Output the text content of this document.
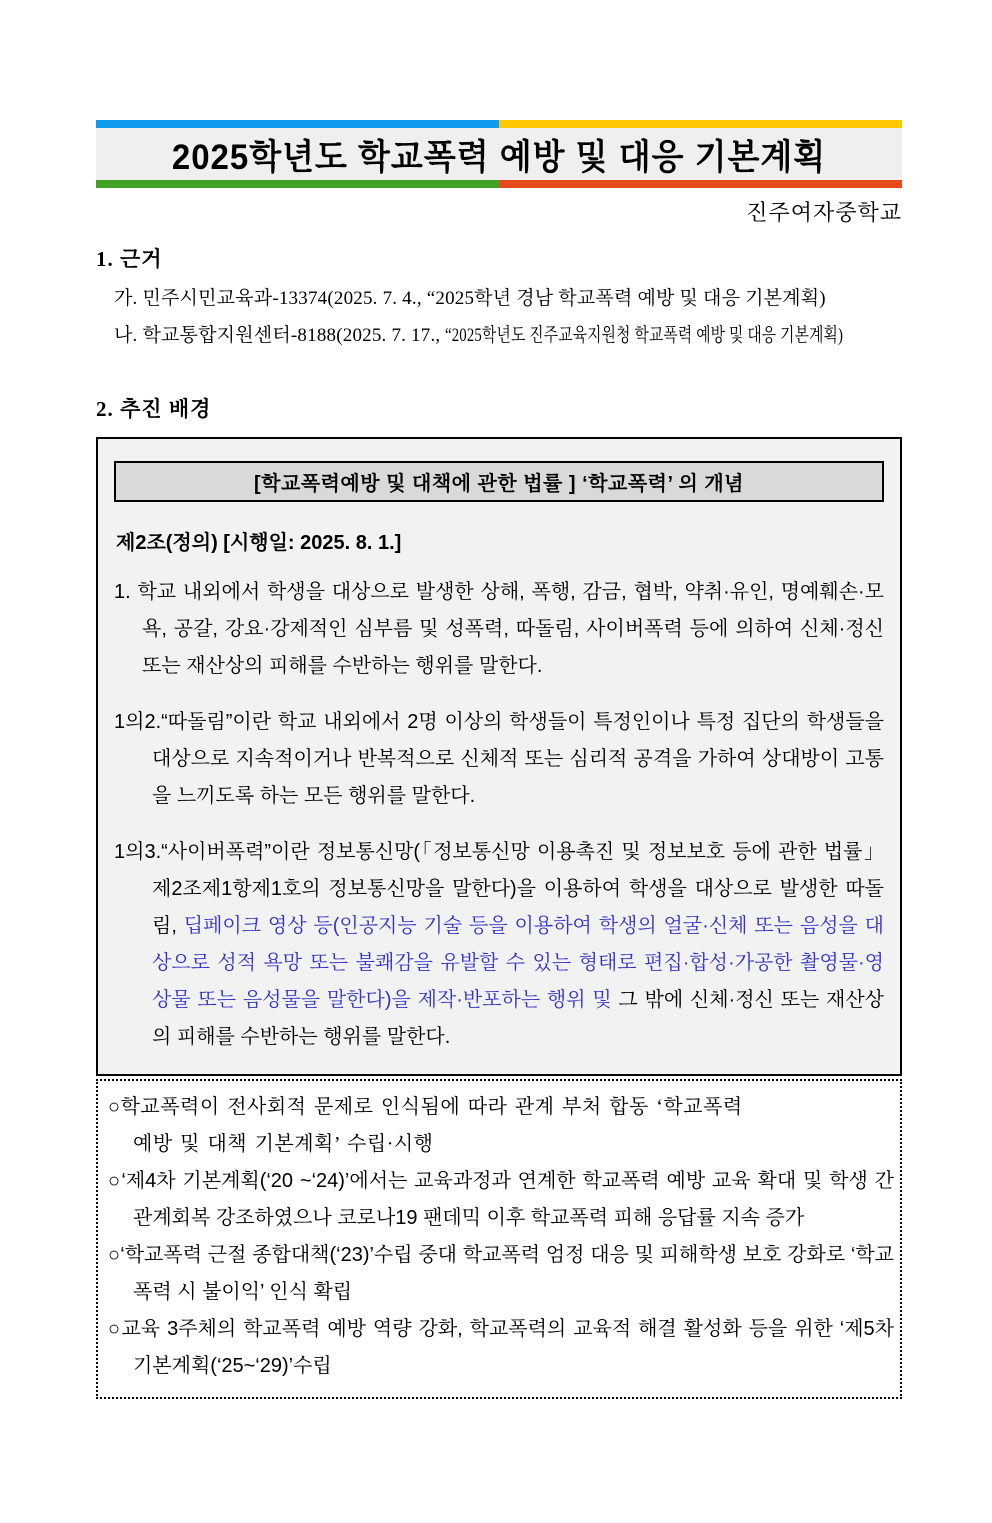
2025학년도 학교폭력 예방 및 대응 기본계획
진주여자중학교
1. 근거

가. 민주시민교육과-13374(2025. 7. 4., “2025학년 경남 학교폭력 예방 및 대응 기본계획)

나. 학교통합지원센터-8188(2025. 7. 17., “2025학년도 진주교육지원청 학교폭력 예방 및 대응 기본계획)

2. 추진 배경
[학교폭력예방 및 대책에 관한 법률 ] ‘학교폭력’ 의 개념

제2조(정의) [시행일: 2025. 8. 1.]

1. 학교 내외에서 학생을 대상으로 발생한 상해, 폭행, 감금, 협박, 약취·유인, 명예훼손·모욕, 공갈, 강요·강제적인 심부름 및 성폭력, 따돌림, 사이버폭력 등에 의하여 신체·정신 또는 재산상의 피해를 수반하는 행위를 말한다.

1의2.“따돌림”이란 학교 내외에서 2명 이상의 학생들이 특정인이나 특정 집단의 학생들을 대상으로 지속적이거나 반복적으로 신체적 또는 심리적 공격을 가하여 상대방이 고통을 느끼도록 하는 모든 행위를 말한다.

1의3.“사이버폭력”이란 정보통신망(「정보통신망 이용촉진 및 정보보호 등에 관한 법률」제2조제1항제1호의 정보통신망을 말한다)을 이용하여 학생을 대상으로 발생한 따돌림, 딥페이크 영상 등(인공지능 기술 등을 이용하여 학생의 얼굴·신체 또는 음성을 대상으로 성적 욕망 또는 불쾌감을 유발할 수 있는 형태로 편집·합성·가공한 촬영물·영상물 또는 음성물을 말한다)을 제작·반포하는 행위 및 그 밖에 신체·정신 또는 재산상의 피해를 수반하는 행위를 말한다.

○학교폭력이 전사회적 문제로 인식됨에 따라 관계 부처 합동 ‘학교폭력
예방 및 대책 기본계획’ 수립·시행

○‘제4차 기본계획(‘20 ~‘24)’에서는 교육과정과 연계한 학교폭력 예방 교육 확대 및 학생 간 관계회복 강조하였으나 코로나19 팬데믹 이후 학교폭력 피해 응답률 지속 증가

○‘학교폭력 근절 종합대책(‘23)’수립 중대 학교폭력 엄정 대응 및 피해학생 보호 강화로 ‘학교폭력 시 불이익’ 인식 확립

○교육 3주체의 학교폭력 예방 역량 강화, 학교폭력의 교육적 해결 활성화 등을 위한 ‘제5차 기본계획(‘25~‘29)’수립
